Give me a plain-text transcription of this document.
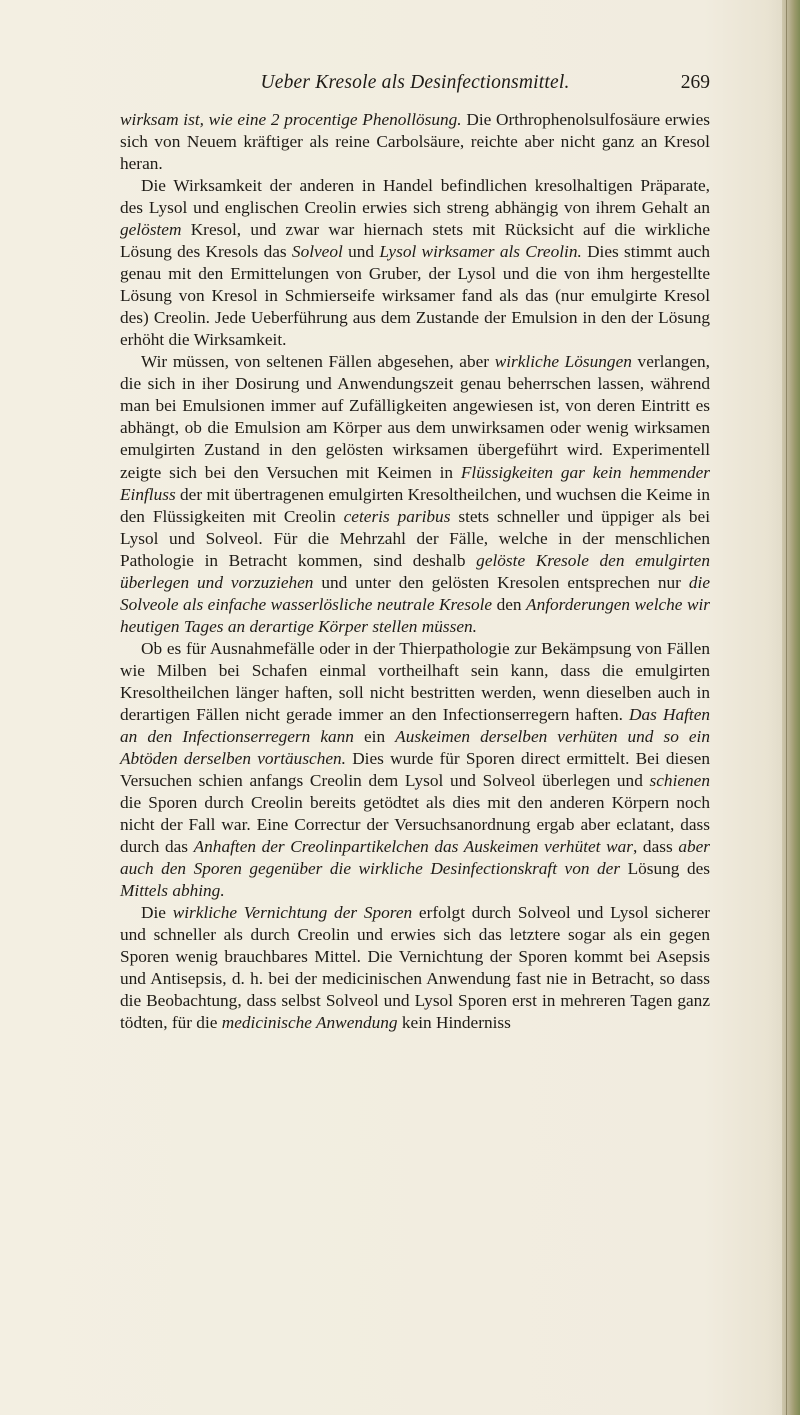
Ueber Kresole als Desinfectionsmittel.	269

wirksam ist, wie eine 2 procentige Phenollösung. Die Orthrophenolsulfosäure erwies sich von Neuem kräftiger als reine Carbolsäure, reichte aber nicht ganz an Kresol heran.

Die Wirksamkeit der anderen in Handel befindlichen kresolhaltigen Präparate, des Lysol und englischen Creolin erwies sich streng abhängig von ihrem Gehalt an gelöstem Kresol, und zwar war hiernach stets mit Rücksicht auf die wirkliche Lösung des Kresols das Solveol und Lysol wirksamer als Creolin. Dies stimmt auch genau mit den Ermittelungen von Gruber, der Lysol und die von ihm hergestellte Lösung von Kresol in Schmierseife wirksamer fand als das (nur emulgirte Kresol des) Creolin. Jede Ueberführung aus dem Zustande der Emulsion in den der Lösung erhöht die Wirksamkeit.

Wir müssen, von seltenen Fällen abgesehen, aber wirkliche Lösungen verlangen, die sich in iher Dosirung und Anwendungszeit genau beherrschen lassen, während man bei Emulsionen immer auf Zufälligkeiten angewiesen ist, von deren Eintritt es abhängt, ob die Emulsion am Körper aus dem unwirksamen oder wenig wirksamen emulgirten Zustand in den gelösten wirksamen übergeführt wird. Experimentell zeigte sich bei den Versuchen mit Keimen in Flüssigkeiten gar kein hemmender Einfluss der mit übertragenen emulgirten Kresoltheilchen, und wuchsen die Keime in den Flüssigkeiten mit Creolin ceteris paribus stets schneller und üppiger als bei Lysol und Solveol. Für die Mehrzahl der Fälle, welche in der menschlichen Pathologie in Betracht kommen, sind deshalb gelöste Kresole den emulgirten überlegen und vorzuziehen und unter den gelösten Kresolen entsprechen nur die Solveole als einfache wasserlösliche neutrale Kresole den Anforderungen welche wir heutigen Tages an derartige Körper stellen müssen.

Ob es für Ausnahmefälle oder in der Thierpathologie zur Bekämpsung von Fällen wie Milben bei Schafen einmal vortheilhaft sein kann, dass die emulgirten Kresoltheilchen länger haften, soll nicht bestritten werden, wenn dieselben auch in derartigen Fällen nicht gerade immer an den Infectionserregern haften. Das Haften an den Infectionserregern kann ein Auskeimen derselben verhüten und so ein Abtöden derselben vortäuschen. Dies wurde für Sporen direct ermittelt. Bei diesen Versuchen schien anfangs Creolin dem Lysol und Solveol überlegen und schienen die Sporen durch Creolin bereits getödtet als dies mit den anderen Körpern noch nicht der Fall war. Eine Correctur der Versuchsanordnung ergab aber eclatant, dass durch das Anhaften der Creolinpartikelchen das Auskeimen verhütet war, dass aber auch den Sporen gegenüber die wirkliche Desinfectionskraft von der Lösung des Mittels abhing.

Die wirkliche Vernichtung der Sporen erfolgt durch Solveol und Lysol sicherer und schneller als durch Creolin und erwies sich das letztere sogar als ein gegen Sporen wenig brauchbares Mittel. Die Vernichtung der Sporen kommt bei Asepsis und Antisepsis, d. h. bei der medicinischen Anwendung fast nie in Betracht, so dass die Beobachtung, dass selbst Solveol und Lysol Sporen erst in mehreren Tagen ganz tödten, für die medicinische Anwendung kein Hinderniss
